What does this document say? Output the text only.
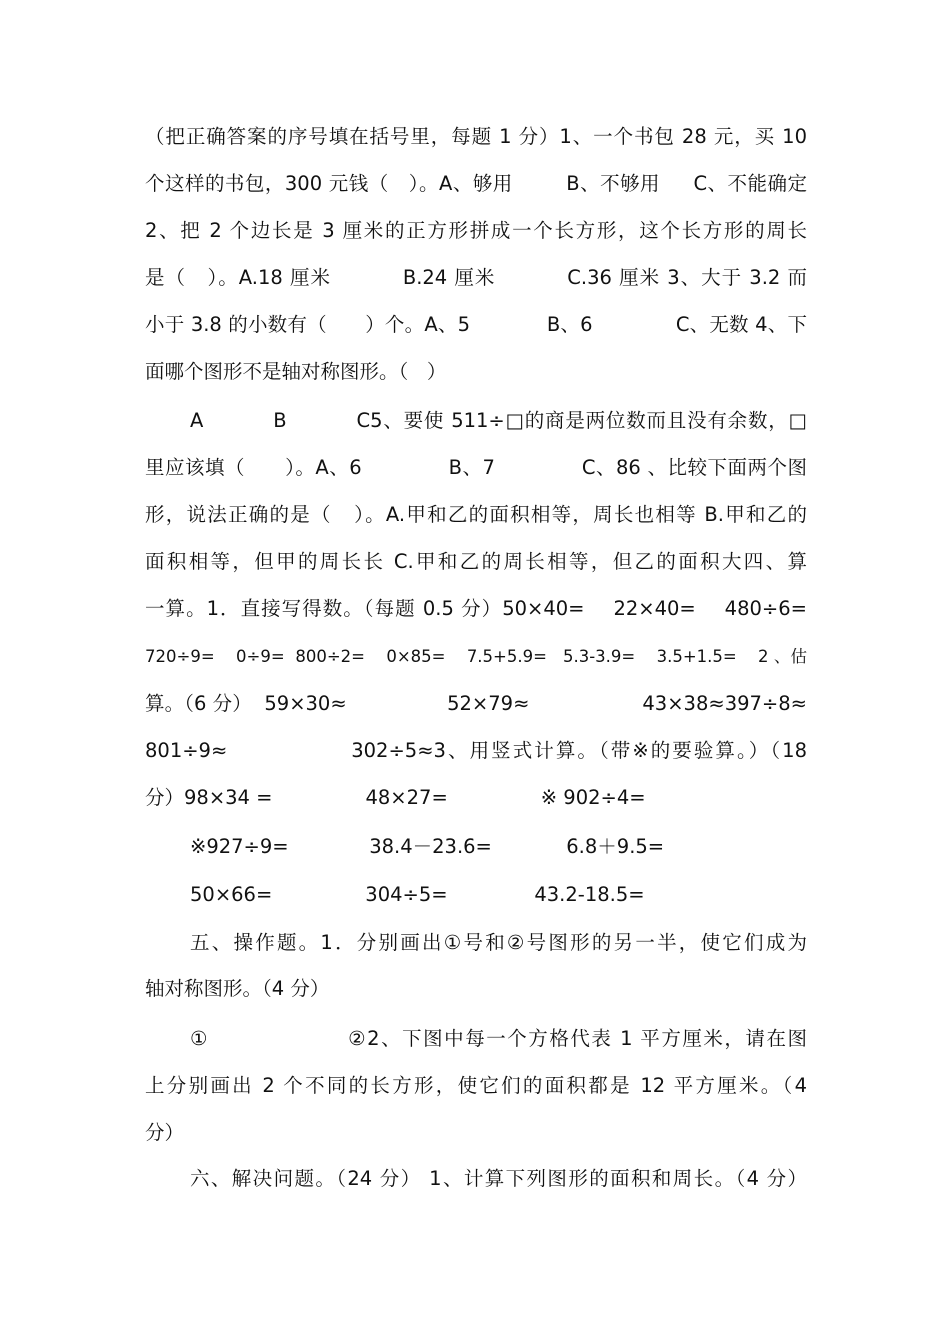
（把正确答案的序号填在括号里，每题 1 分）1、一个书包 28 元，买 10
个这样的书包，300 元钱（   ）。A、够用        B、不够用     C、不能确定
2、把 2 个边长是 3 厘米的正方形拼成一个长方形，这个长方形的周长
是（   ）。A.18 厘米          B.24 厘米          C.36 厘米 3、大于 3.2 而
小于 3.8 的小数有（      ）个。A、5            B、6             C、无数 4、下
面哪个图形不是轴对称图形。（   ）
A          B          C5、要使 511÷□的商是两位数而且没有余数，□
里应该填（      ）。A、6             B、7             C、86 、比较下面两个图
形，说法正确的是（   ）。A.甲和乙的面积相等，周长也相等 B.甲和乙的
面积相等，但甲的周长长 C.甲和乙的周长相等，但乙的面积大四、算
一算。1．直接写得数。（每题 0.5 分）50×40=    22×40=    480÷6=
720÷9=    0÷9=  800÷2=    0×85=    7.5+5.9=   5.3-3.9=    3.5+1.5=    2 、估
算。（6 分）  59×30≈                52×79≈                  43×38≈397÷8≈
801÷9≈               302÷5≈3、用竖式计算。（带※的要验算。）（18
分）98×34 =               48×27=               ※ 902÷4=
※927÷9=             38.4－23.6=            6.8＋9.5=
50×66=               304÷5=              43.2-18.5=
五、操作题。1．分别画出①号和②号图形的另一半，使它们成为
轴对称图形。（4 分）
①                  ②2、下图中每一个方格代表 1 平方厘米，请在图
上分别画出 2 个不同的长方形，使它们的面积都是 12 平方厘米。（4
分）
六、解决问题。（24 分） 1、计算下列图形的面积和周长。（4 分）
